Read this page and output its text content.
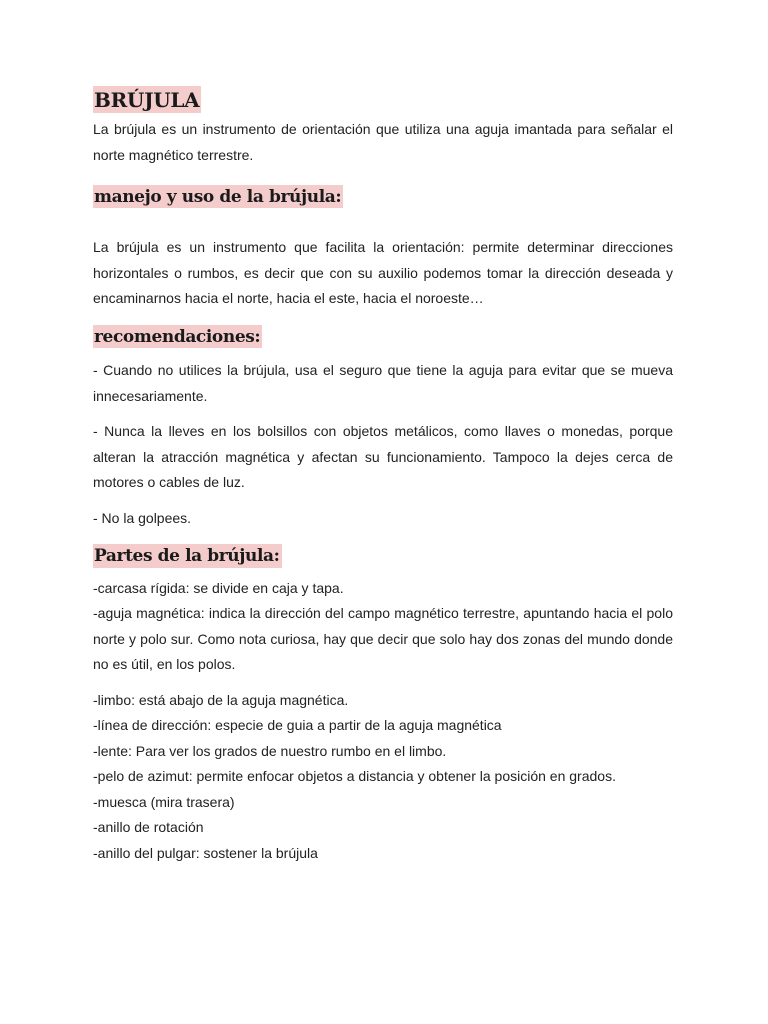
BRÚJULA

La brújula es un instrumento de orientación que utiliza una aguja imantada para señalar el norte magnético terrestre.

manejo y uso de la brújula:

La brújula es un instrumento que facilita la orientación: permite determinar direcciones horizontales o rumbos, es decir que con su auxilio podemos tomar la dirección deseada y encaminarnos hacia el norte, hacia el este, hacia el noroeste…

recomendaciones:

- Cuando no utilices la brújula, usa el seguro que tiene la aguja para evitar que se mueva innecesariamente.

- Nunca la lleves en los bolsillos con objetos metálicos, como llaves o monedas, porque alteran la atracción magnética y afectan su funcionamiento. Tampoco la dejes cerca de motores o cables de luz.

- No la golpees.

Partes de la brújula:

-carcasa rígida: se divide en caja y tapa.

-aguja magnética: indica la dirección del campo magnético terrestre, apuntando hacia el polo norte y polo sur. Como nota curiosa, hay que decir que solo hay dos zonas del mundo donde no es útil, en los polos.

-limbo: está abajo de la aguja magnética.
-línea de dirección: especie de guia a partir de la aguja magnética
-lente: Para ver los grados de nuestro rumbo en el limbo.
-pelo de azimut: permite enfocar objetos a distancia y obtener la posición en grados.
-muesca (mira trasera)
-anillo de rotación
-anillo del pulgar: sostener la brújula
